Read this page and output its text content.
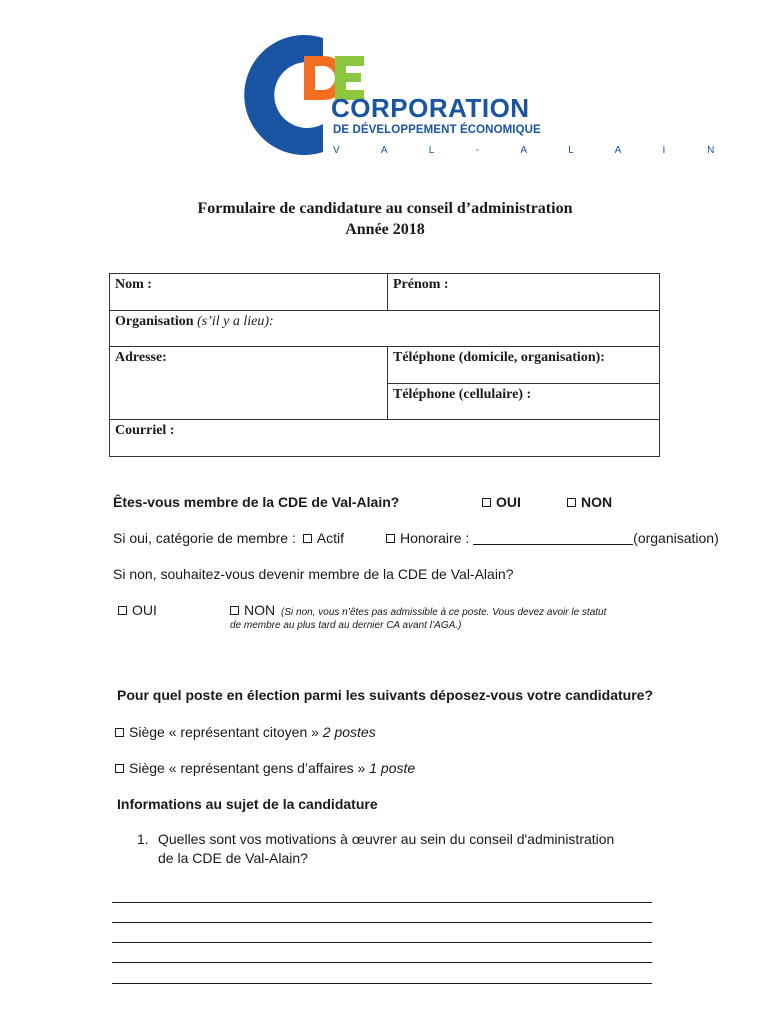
CORPORATION
DE DÉVELOPPEMENT ÉCONOMIQUE
V A L - A L A I N
Formulaire de candidature au conseil d’administration
Année 2018
Nom :	Prénom :
Organisation (s’il y a lieu):	
Adresse:	Téléphone (domicile, organisation):
	Téléphone (cellulaire) :
Courriel :	
Êtes-vous membre de la CDE de Val-Alain?	OUI	NON
Si oui, catégorie de membre : Actif	Honoraire :	(organisation)
Si non, souhaitez-vous devenir membre de la CDE de Val-Alain?
OUI	NON (Si non, vous n’êtes pas admissible à ce poste. Vous devez avoir le statut
de membre au plus tard au dernier CA avant l’AGA.)
Pour quel poste en élection parmi les suivants déposez-vous votre candidature?
Siège « représentant citoyen » 2 postes
Siège « représentant gens d’affaires » 1 poste
Informations au sujet de la candidature
1. Quelles sont vos motivations à œuvrer au sein du conseil d'administration
de la CDE de Val-Alain?
